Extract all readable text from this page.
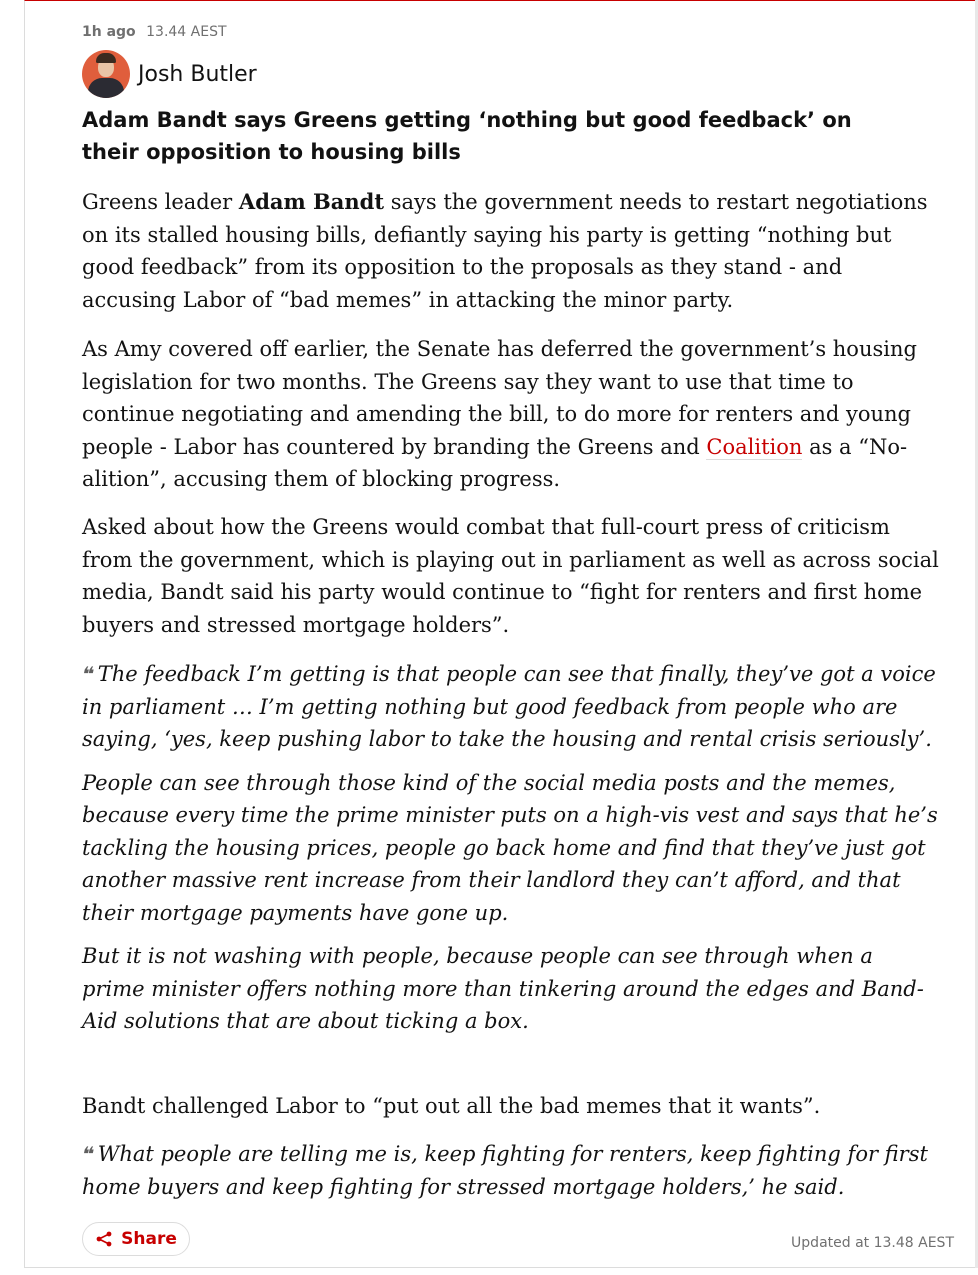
1h ago 13.44 AEST
Josh Butler
Adam Bandt says Greens getting ‘nothing but good feedback’ on their opposition to housing bills

Greens leader Adam Bandt says the government needs to restart negotiations on its stalled housing bills, defiantly saying his party is getting “nothing but good feedback” from its opposition to the proposals as they stand - and accusing Labor of “bad memes” in attacking the minor party.

As Amy covered off earlier, the Senate has deferred the government’s housing legislation for two months. The Greens say they want to use that time to continue negotiating and amending the bill, to do more for renters and young people - Labor has countered by branding the Greens and Coalition as a “No-alition”, accusing them of blocking progress.

Asked about how the Greens would combat that full-court press of criticism from the government, which is playing out in parliament as well as across social media, Bandt said his party would continue to “fight for renters and first home buyers and stressed mortgage holders”.

❝ The feedback I’m getting is that people can see that finally, they’ve got a voice in parliament … I’m getting nothing but good feedback from people who are saying, ‘yes, keep pushing labor to take the housing and rental crisis seriously’.

People can see through those kind of the social media posts and the memes, because every time the prime minister puts on a high-vis vest and says that he’s tackling the housing prices, people go back home and find that they’ve just got another massive rent increase from their landlord they can’t afford, and that their mortgage payments have gone up.

But it is not washing with people, because people can see through when a prime minister offers nothing more than tinkering around the edges and Band-Aid solutions that are about ticking a box.

Bandt challenged Labor to “put out all the bad memes that it wants”.

❝ What people are telling me is, keep fighting for renters, keep fighting for first home buyers and keep fighting for stressed mortgage holders,’ he said.

Share	Updated at 13.48 AEST
